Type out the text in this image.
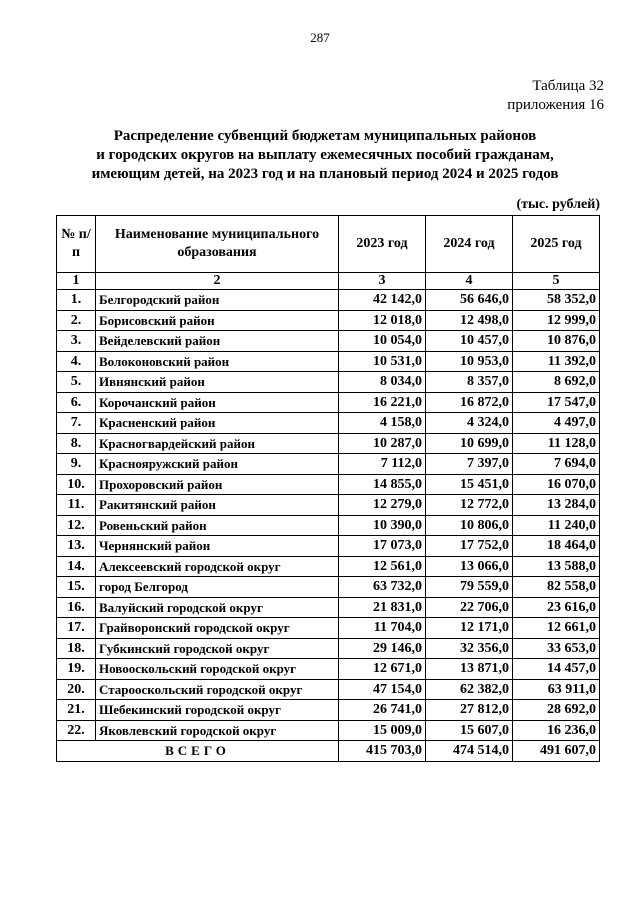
287
Таблица 32
приложения 16
Распределение субвенций бюджетам муниципальных районов
и городских округов на выплату ежемесячных пособий гражданам,
имеющим детей, на 2023 год и на плановый период 2024 и 2025 годов
(тыс. рублей)
№ п/п	Наименование муниципального образования	2023 год	2024 год	2025 год
1	2	3	4	5
1.	Белгородский район	42 142,0	56 646,0	58 352,0
2.	Борисовский район	12 018,0	12 498,0	12 999,0
3.	Вейделевский район	10 054,0	10 457,0	10 876,0
4.	Волоконовский район	10 531,0	10 953,0	11 392,0
5.	Ивнянский район	8 034,0	8 357,0	8 692,0
6.	Корочанский район	16 221,0	16 872,0	17 547,0
7.	Красненский район	4 158,0	4 324,0	4 497,0
8.	Красногвардейский район	10 287,0	10 699,0	11 128,0
9.	Краснояружский район	7 112,0	7 397,0	7 694,0
10.	Прохоровский район	14 855,0	15 451,0	16 070,0
11.	Ракитянский район	12 279,0	12 772,0	13 284,0
12.	Ровеньский район	10 390,0	10 806,0	11 240,0
13.	Чернянский район	17 073,0	17 752,0	18 464,0
14.	Алексеевский городской округ	12 561,0	13 066,0	13 588,0
15.	город Белгород	63 732,0	79 559,0	82 558,0
16.	Валуйский городской округ	21 831,0	22 706,0	23 616,0
17.	Грайворонский городской округ	11 704,0	12 171,0	12 661,0
18.	Губкинский городской округ	29 146,0	32 356,0	33 653,0
19.	Новооскольский городской округ	12 671,0	13 871,0	14 457,0
20.	Старооскольский городской округ	47 154,0	62 382,0	63 911,0
21.	Шебекинский городской округ	26 741,0	27 812,0	28 692,0
22.	Яковлевский городской округ	15 009,0	15 607,0	16 236,0
ВСЕГО		415 703,0	474 514,0	491 607,0
